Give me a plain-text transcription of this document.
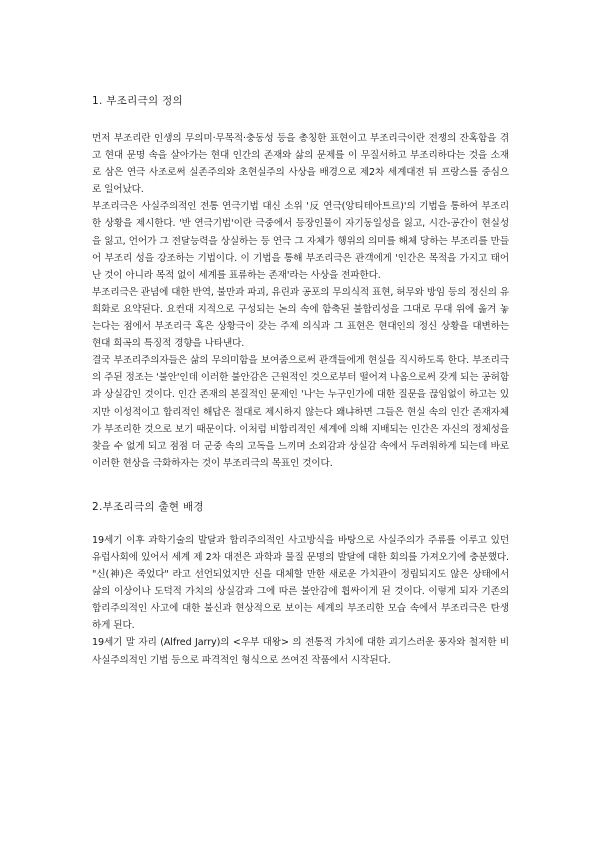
1. 부조리극의 정의

먼저 부조리란 인생의 무의미·무목적·충동성 등을 총칭한 표현이고 부조리극이란 전쟁의 잔혹함을 겪고 현대 문명 속을 살아가는 현대 인간의 존재와 삶의 문제를 이 무질서하고 부조리하다는 것을 소재로 삼은 연극 사조로써 실존주의와 초현실주의 사상을 배경으로 제2차 세계대전 뒤 프랑스를 중심으로 일어났다.

부조리극은 사실주의적인 전통 연극기법 대신 소위 '反 연극(앙티테아트르)'의 기법을 통하여 부조리한 상황을 제시한다. '반 연극기법'이란 극중에서 등장인물이 자기동일성을 잃고, 시간-공간이 현실성을 잃고, 언어가 그 전달능력을 상실하는 등 연극 그 자체가 행위의 의미를 해체 당하는 부조리를 만들어 부조리 성을 강조하는 기법이다. 이 기법을 통해 부조리극은 관객에게 '인간은 목적을 가지고 태어난 것이 아니라 목적 없이 세계를 표류하는 존재'라는 사상을 전파한다.

부조리극은 관념에 대한 반역, 불만과 파괴, 유린과 공포의 무의식적 표현, 허무와 방임 등의 정신의 유희화로 요약된다. 요컨대 지적으로 구성되는 논의 속에 함축된 불합리성을 그대로 무대 위에 옮겨 놓는다는 점에서 부조리극 혹은 상황극이 갖는 주제 의식과 그 표현은 현대인의 정신 상황을 대변하는 현대 희곡의 특징적 경향을 나타낸다.

결국 부조리주의자들은 삶의 무의미함을 보여줌으로써 관객들에게 현실을 직시하도록 한다. 부조리극의 주된 정조는 '불안'인데 이러한 불안감은 근원적인 것으로부터 떨어져 나옴으로써 갖게 되는 공허함과 상실감인 것이다. 인간 존재의 본질적인 문제인 '나'는 누구인가에 대한 질문을 끊임없이 하고는 있지만 이성적이고 합리적인 해답은 절대로 제시하지 않는다 왜냐하면 그들은 현실 속의 인간 존재자체가 부조리한 것으로 보기 때문이다. 이처럼 비합리적인 세계에 의해 지배되는 인간은 자신의 정체성을 찾을 수 없게 되고 점점 더 군중 속의 고독을 느끼며 소외감과 상실감 속에서 두려워하게 되는데 바로 이러한 현상을 극화하자는 것이 부조리극의 목표인 것이다.

2.부조리극의 출현 배경

19세기 이후 과학기술의 발달과 합리주의적인 사고방식을 바탕으로 사실주의가 주류를 이루고 있던 유럽사회에 있어서 세계 제 2차 대전은 과학과 물질 문명의 발달에 대한 회의를 가져오기에 충분했다. "신(神)은 죽었다" 라고 선언되었지만 신을 대체할 만한 새로운 가치관이 정립되지도 않은 상태에서 삶의 이상이나 도덕적 가치의 상실감과 그에 따른 불안감에 휩싸이게 된 것이다. 이렇게 되자 기존의 합리주의적인 사고에 대한 불신과 현상적으로 보이는 세계의 부조리한 모습 속에서 부조리극은 탄생하게 된다.

19세기 말 자리 (Alfred Jarry)의 <우부 대왕> 의 전통적 가치에 대한 괴기스러운 풍자와 철저한 비 사실주의적인 기법 등으로 파격적인 형식으로 쓰여진 작품에서 시작된다.
